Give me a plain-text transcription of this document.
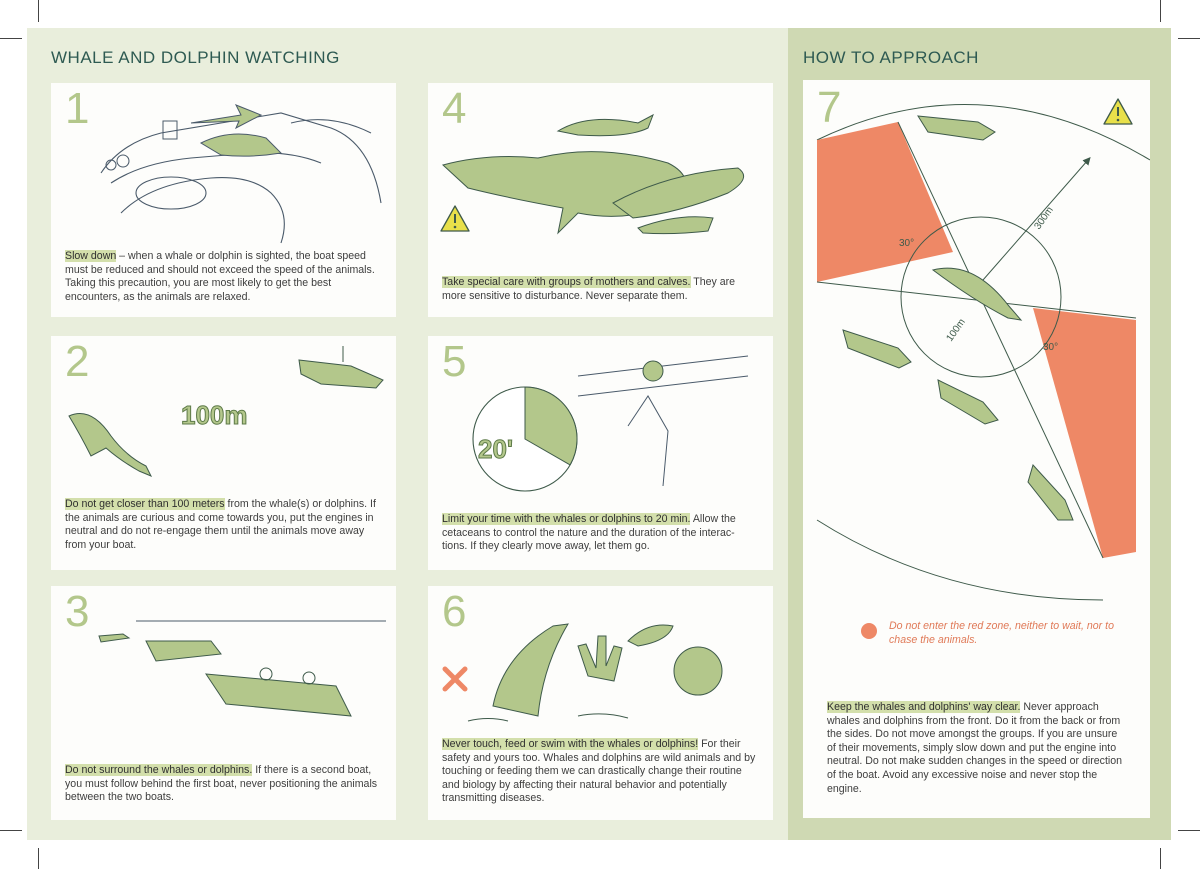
WHALE AND DOLPHIN WATCHING	HOW TO APPROACH
1
Slow down – when a whale or dolphin is sighted, the boat speed must be reduced and should not exceed the speed of the animals. Taking this precaution, you are most likely to get the best encounters, as the animals are relaxed.
100m
2
Do not get closer than 100 meters from the whale(s) or dolphins. If the animals are curious and come towards you, put the engines in neutral and do not re-engage them until the animals move away from your boat.
3
Do not surround the whales or dolphins. If there is a second boat, you must follow behind the first boat, never positioning the animals between the two boats.
4
Take special care with groups of mothers and calves. They are more sensitive to disturbance. Never separate them.
20'
5
Limit your time with the whales or dolphins to 20 min. Allow the cetaceans to control the nature and the duration of the interac-tions. If they clearly move away, let them go.
6
Never touch, feed or swim with the whales or dolphins! For their safety and yours too. Whales and dolphins are wild animals and by touching or feeding them we can drastically change their routine and biology by affecting their natural behavior and potentially transmitting diseases.
300m
100m
30°
30°
7
Do not enter the red zone, neither to wait, nor to chase the animals.
Keep the whales and dolphins' way clear. Never approach whales and dolphins from the front. Do it from the back or from the sides. Do not move amongst the groups. If you are unsure of their movements, simply slow down and put the engine into neutral. Do not make sudden changes in the speed or direction of the boat. Avoid any excessive noise and never stop the engine.
